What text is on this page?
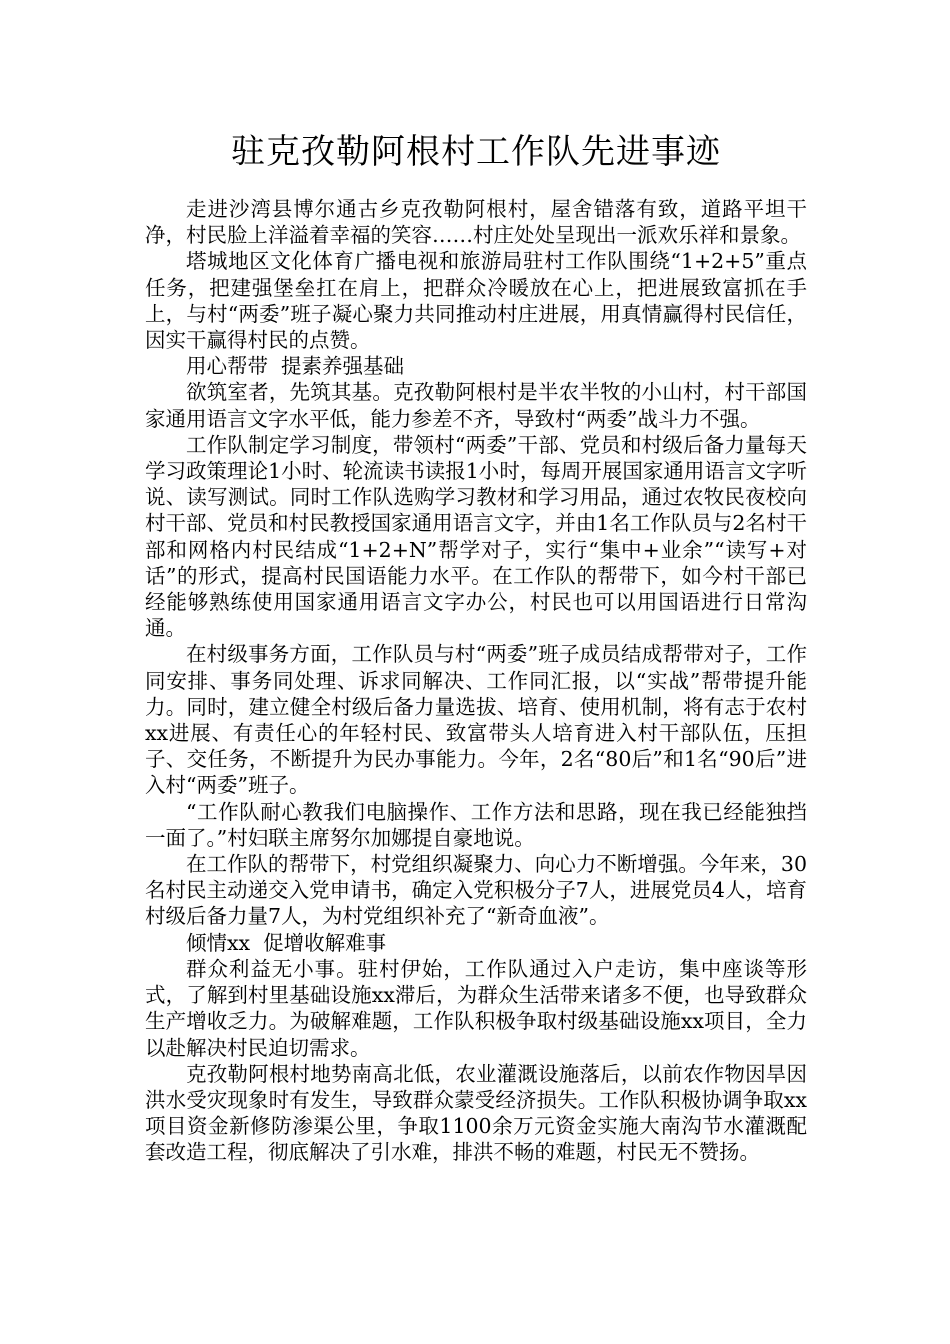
驻克孜勒阿根村工作队先进事迹

走进沙湾县博尔通古乡克孜勒阿根村，屋舍错落有致，道路平坦干净，村民脸上洋溢着幸福的笑容……村庄处处呈现出一派欢乐祥和景象。

塔城地区文化体育广播电视和旅游局驻村工作队围绕“1+2+5”重点任务，把建强堡垒扛在肩上，把群众冷暖放在心上，把进展致富抓在手上，与村“两委”班子凝心聚力共同推动村庄进展，用真情赢得村民信任，因实干赢得村民的点赞。

用心帮带  提素养强基础

欲筑室者，先筑其基。克孜勒阿根村是半农半牧的小山村，村干部国家通用语言文字水平低，能力参差不齐，导致村“两委”战斗力不强。

工作队制定学习制度，带领村“两委”干部、党员和村级后备力量每天学习政策理论1小时、轮流读书读报1小时，每周开展国家通用语言文字听说、读写测试。同时工作队选购学习教材和学习用品，通过农牧民夜校向村干部、党员和村民教授国家通用语言文字，并由1名工作队员与2名村干部和网格内村民结成“1+2+N”帮学对子，实行“集中+业余”“读写+对话”的形式，提高村民国语能力水平。在工作队的帮带下，如今村干部已经能够熟练使用国家通用语言文字办公，村民也可以用国语进行日常沟通。

在村级事务方面，工作队员与村“两委”班子成员结成帮带对子，工作同安排、事务同处理、诉求同解决、工作同汇报，以“实战”帮带提升能力。同时，建立健全村级后备力量选拔、培育、使用机制，将有志于农村xx进展、有责任心的年轻村民、致富带头人培育进入村干部队伍，压担子、交任务，不断提升为民办事能力。今年，2名“80后”和1名“90后”进入村“两委”班子。

“工作队耐心教我们电脑操作、工作方法和思路，现在我已经能独挡一面了。”村妇联主席努尔加娜提自豪地说。

在工作队的帮带下，村党组织凝聚力、向心力不断增强。今年来，30名村民主动递交入党申请书，确定入党积极分子7人，进展党员4人，培育村级后备力量7人，为村党组织补充了“新奇血液”。

倾情xx  促增收解难事

群众利益无小事。驻村伊始，工作队通过入户走访，集中座谈等形式，了解到村里基础设施xx滞后，为群众生活带来诸多不便，也导致群众生产增收乏力。为破解难题，工作队积极争取村级基础设施xx项目，全力以赴解决村民迫切需求。

克孜勒阿根村地势南高北低，农业灌溉设施落后，以前农作物因旱因洪水受灾现象时有发生，导致群众蒙受经济损失。工作队积极协调争取xx项目资金新修防渗渠公里，争取1100余万元资金实施大南沟节水灌溉配套改造工程，彻底解决了引水难，排洪不畅的难题，村民无不赞扬。
